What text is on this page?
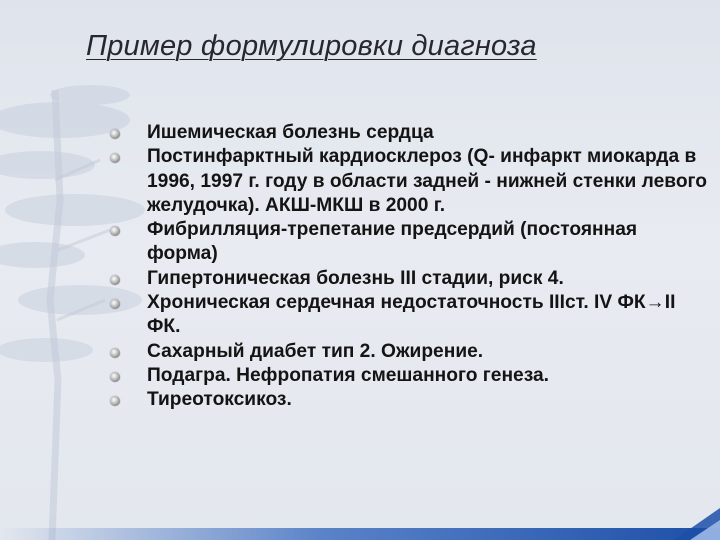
Пример формулировки диагноза
Ишемическая болезнь сердца
Постинфарктный кардиосклероз (Q- инфаркт миокарда в 1996, 1997 г. году в области задней - нижней стенки левого желудочка). АКШ-МКШ в 2000 г.
Фибрилляция-трепетание предсердий (постоянная форма)
Гипертоническая болезнь III стадии, риск 4.
Хроническая сердечная недостаточность IIIст. IV ФК→II ФК.
Сахарный диабет тип 2. Ожирение.
Подагра. Нефропатия смешанного генеза.
Тиреотоксикоз.
